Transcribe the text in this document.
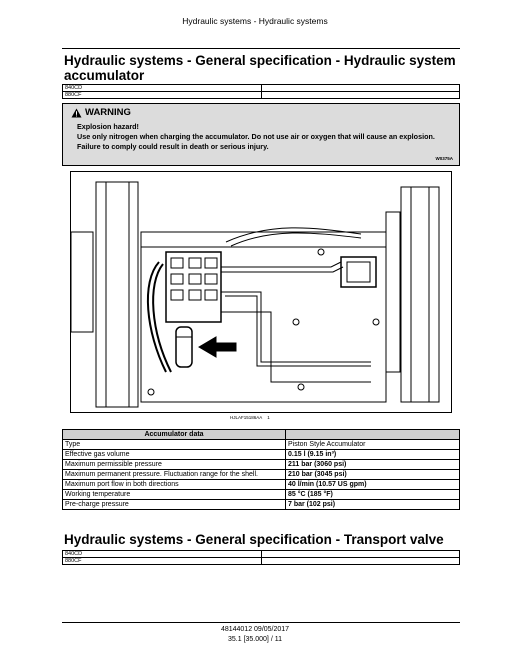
Hydraulic systems - Hydraulic systems
Hydraulic systems - General specification - Hydraulic system accumulator
840CD	
880CF	
WARNING
Explosion hazard!
Use only nitrogen when charging the accumulator. Do not use air or oxygen that will cause an explosion.
Failure to comply could result in death or serious injury.
W0375A
HJLAF15186AA 1
Accumulator data	
Type	Piston Style Accumulator
Effective gas volume	0.15 l (9.15 in³)
Maximum permissible pressure	211 bar (3060 psi)
Maximum permanent pressure. Fluctuation range for the shell.	210 bar (3045 psi)
Maximum port flow in both directions	40 l/min (10.57 US gpm)
Working temperature	85 °C (185 °F)
Pre-charge pressure	7 bar (102 psi)
Hydraulic systems - General specification - Transport valve
840CD	
880CF	
48144012 09/05/2017
35.1 [35.000] / 11
